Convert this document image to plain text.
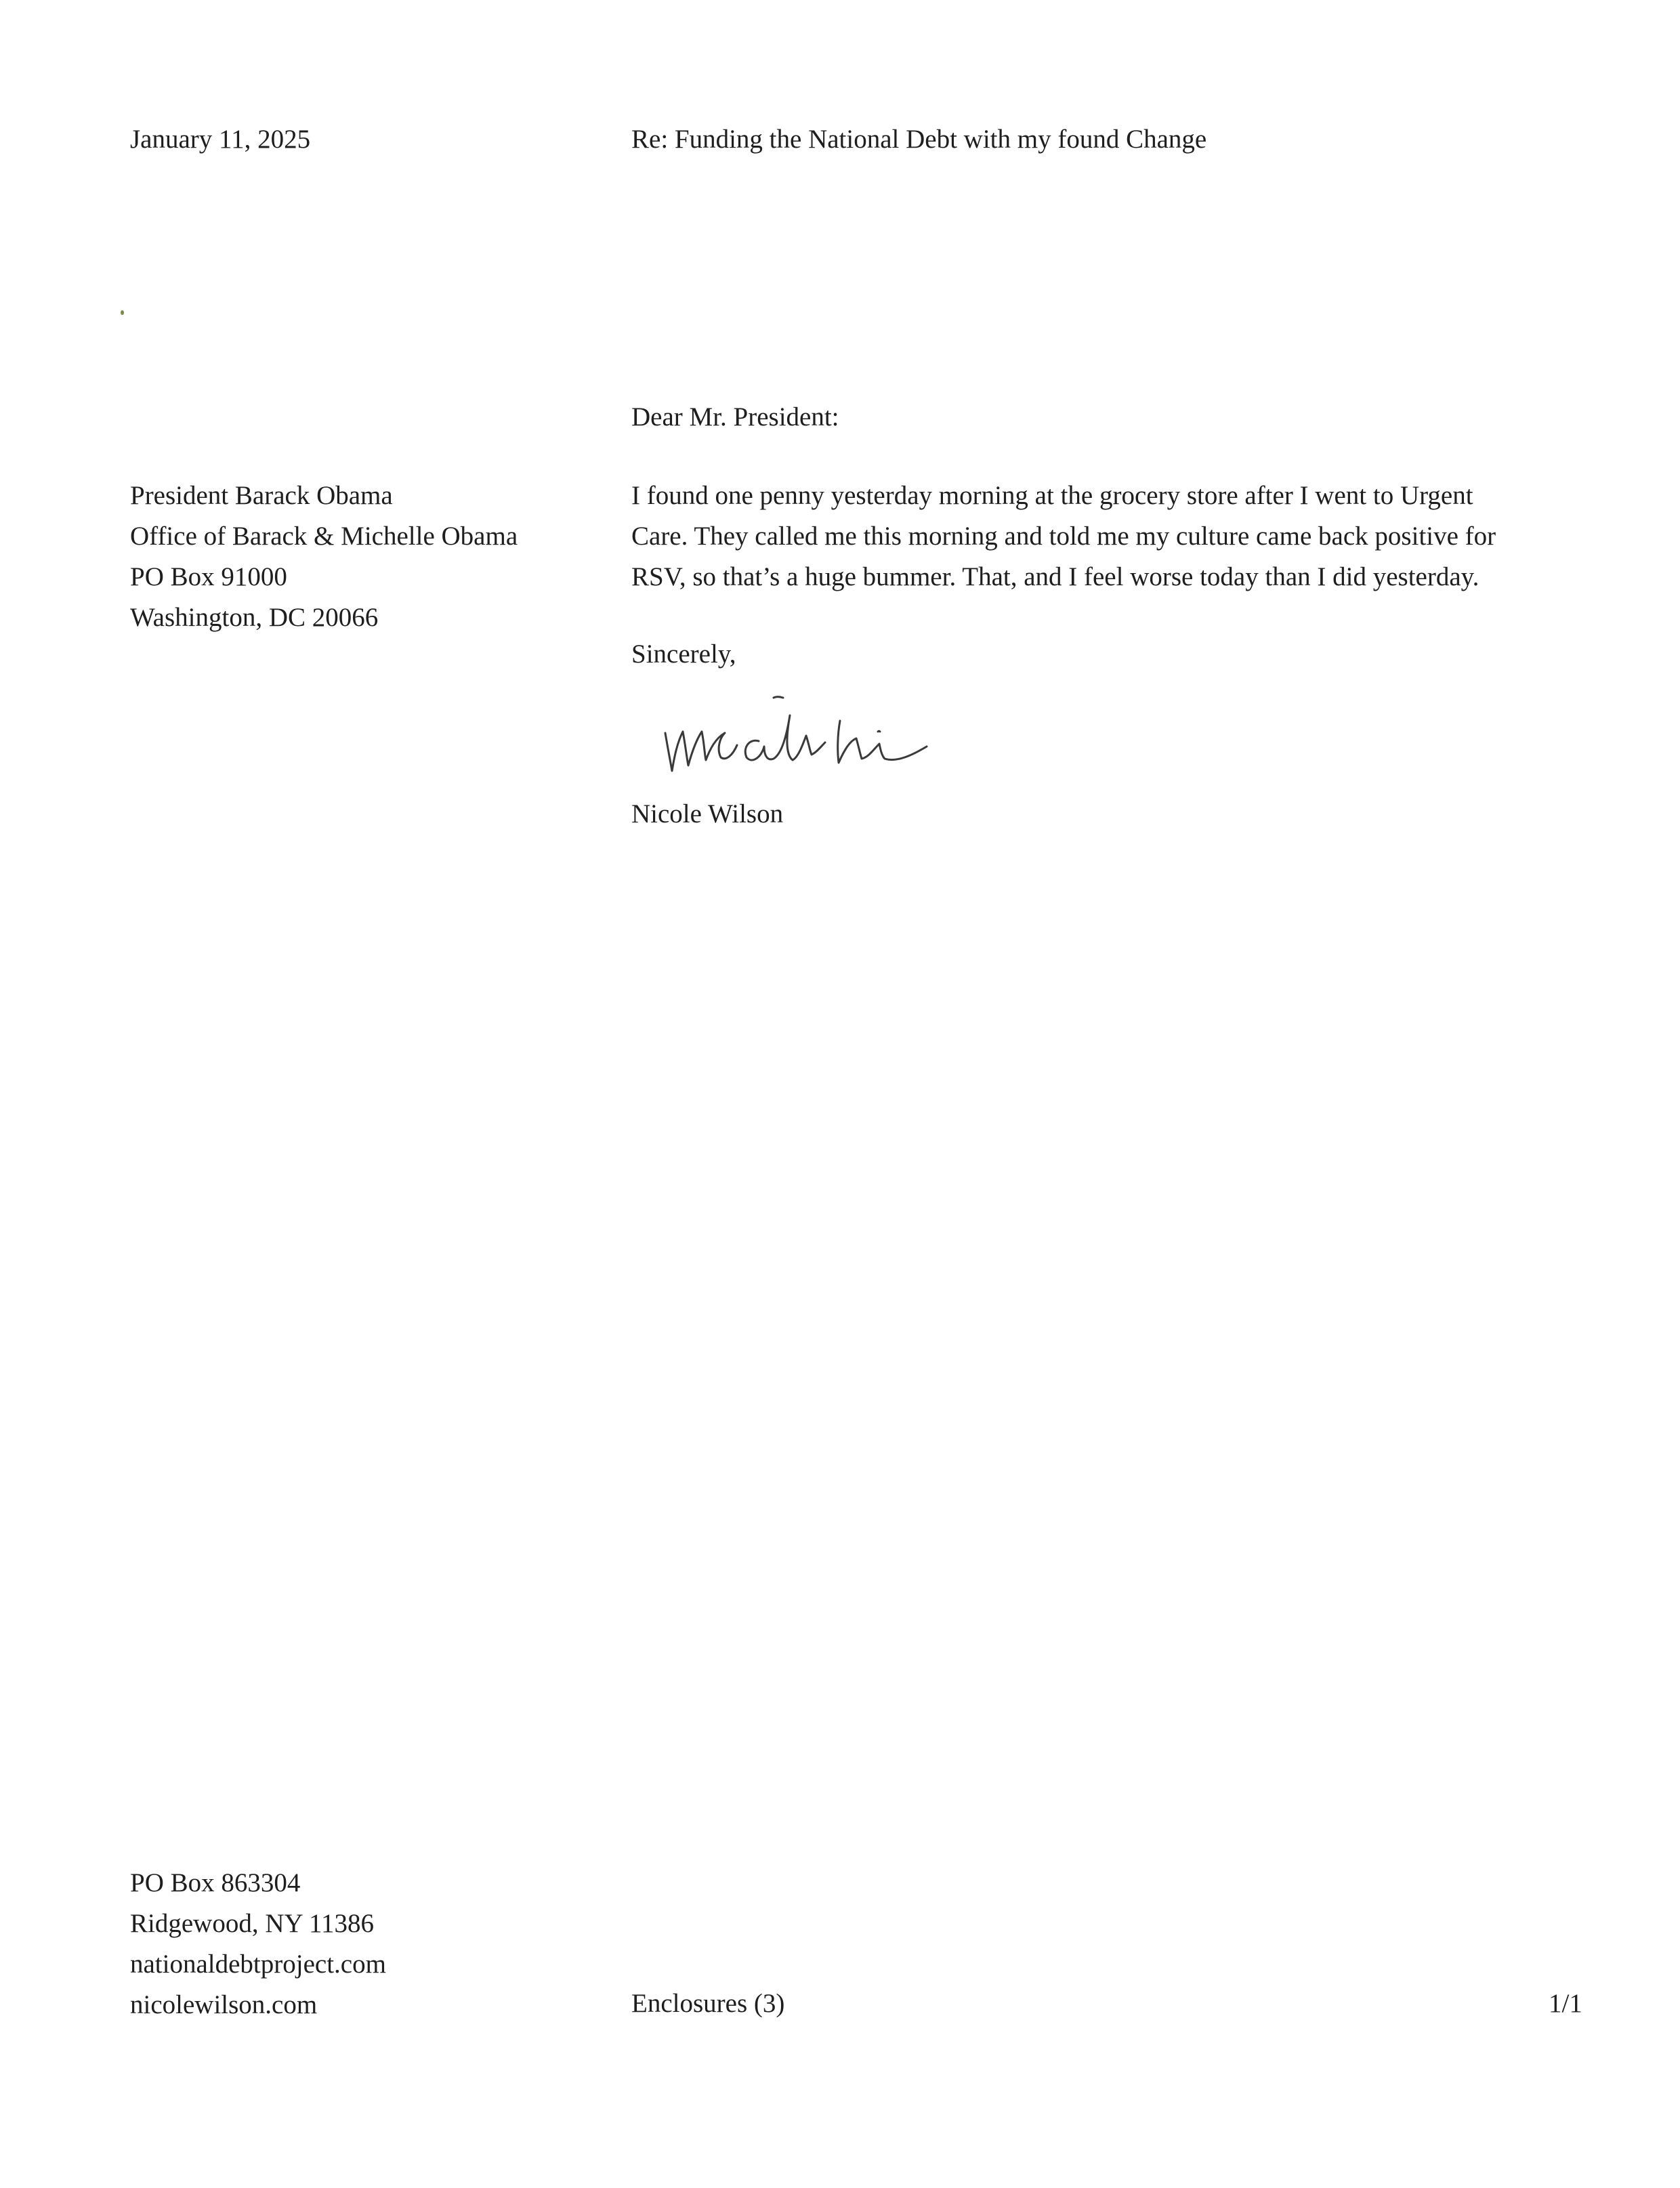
January 11, 2025	Re: Funding the National Debt with my found Change
Dear Mr. President:
President Barack Obama
Office of Barack & Michelle Obama
PO Box 91000
Washington, DC 20066
I found one penny yesterday morning at the grocery store after I went to Urgent
Care. They called me this morning and told me my culture came back positive for
RSV, so that’s a huge bummer. That, and I feel worse today than I did yesterday.
Sincerely,
Nicole Wilson
PO Box 863304
Ridgewood, NY 11386
nationaldebtproject.com
nicolewilson.com	Enclosures (3)	1/1
